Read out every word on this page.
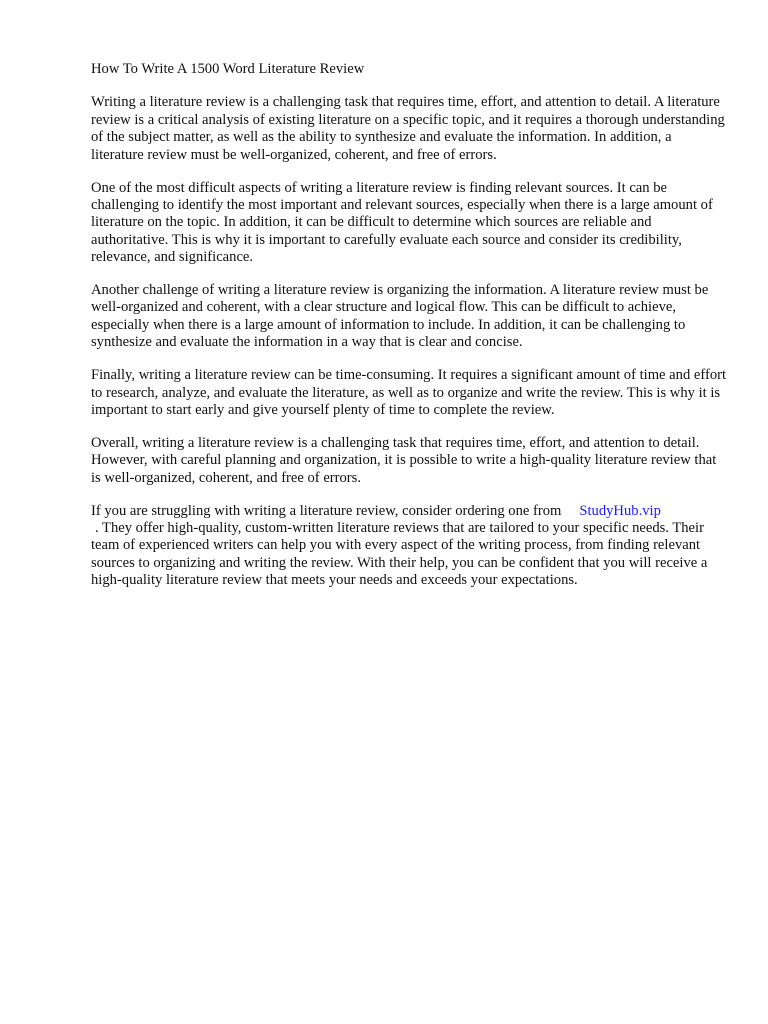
How To Write A 1500 Word Literature Review

Writing a literature review is a challenging task that requires time, effort, and attention to detail. A literature review is a critical analysis of existing literature on a specific topic, and it requires a thorough understanding of the subject matter, as well as the ability to synthesize and evaluate the information. In addition, a literature review must be well-organized, coherent, and free of errors.

One of the most difficult aspects of writing a literature review is finding relevant sources. It can be challenging to identify the most important and relevant sources, especially when there is a large amount of literature on the topic. In addition, it can be difficult to determine which sources are reliable and authoritative. This is why it is important to carefully evaluate each source and consider its credibility, relevance, and significance.

Another challenge of writing a literature review is organizing the information. A literature review must be well-organized and coherent, with a clear structure and logical flow. This can be difficult to achieve, especially when there is a large amount of information to include. In addition, it can be challenging to synthesize and evaluate the information in a way that is clear and concise.

Finally, writing a literature review can be time-consuming. It requires a significant amount of time and effort to research, analyze, and evaluate the literature, as well as to organize and write the review. This is why it is important to start early and give yourself plenty of time to complete the review.

Overall, writing a literature review is a challenging task that requires time, effort, and attention to detail. However, with careful planning and organization, it is possible to write a high-quality literature review that is well-organized, coherent, and free of errors.

If you are struggling with writing a literature review, consider ordering one from StudyHub.vip
. They offer high-quality, custom-written literature reviews that are tailored to your specific needs. Their team of experienced writers can help you with every aspect of the writing process, from finding relevant sources to organizing and writing the review. With their help, you can be confident that you will receive a high-quality literature review that meets your needs and exceeds your expectations.
